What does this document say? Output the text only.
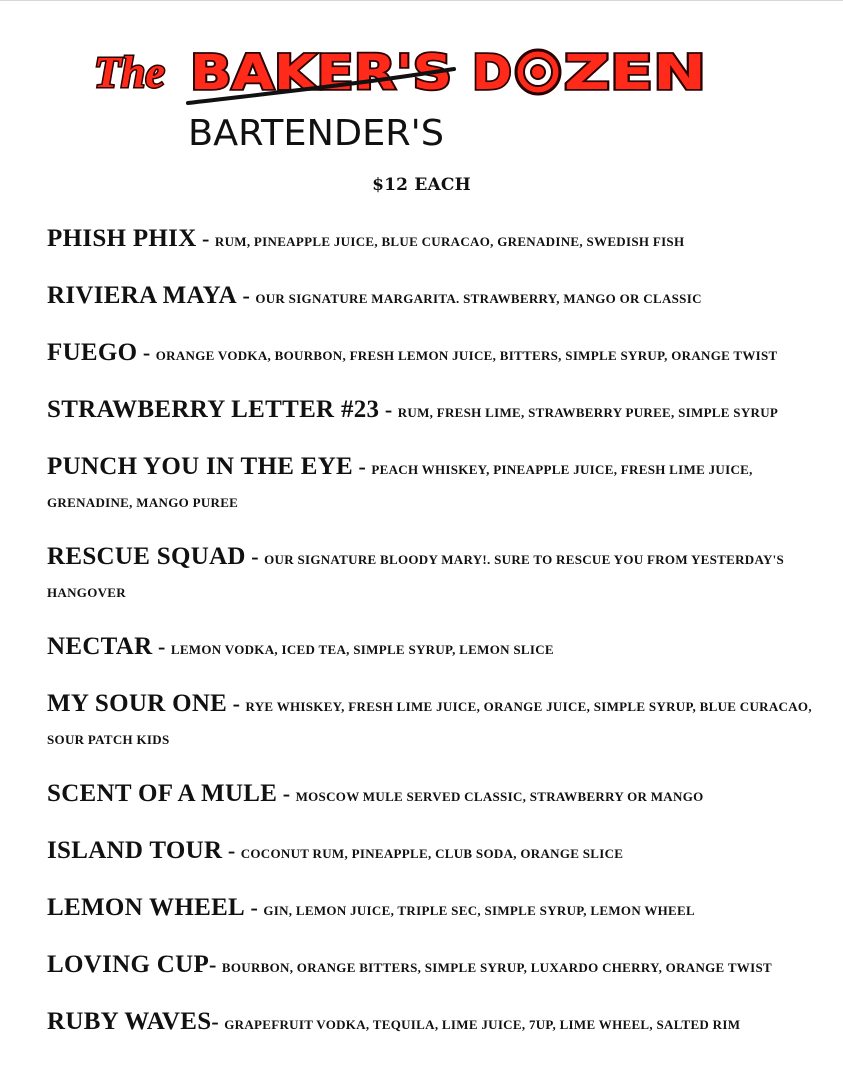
The BAKER'S D ZEN
BARTENDER'S
$12 EACH
PHISH PHIX - RUM, PINEAPPLE JUICE, BLUE CURACAO, GRENADINE, SWEDISH FISH
RIVIERA MAYA - OUR SIGNATURE MARGARITA. STRAWBERRY, MANGO OR CLASSIC
FUEGO - ORANGE VODKA, BOURBON, FRESH LEMON JUICE, BITTERS, SIMPLE SYRUP, ORANGE TWIST
STRAWBERRY LETTER #23 - RUM, FRESH LIME, STRAWBERRY PUREE, SIMPLE SYRUP
PUNCH YOU IN THE EYE - PEACH WHISKEY, PINEAPPLE JUICE, FRESH LIME JUICE, GRENADINE, MANGO PUREE
RESCUE SQUAD - OUR SIGNATURE BLOODY MARY!. SURE TO RESCUE YOU FROM YESTERDAY'S HANGOVER
NECTAR - LEMON VODKA, ICED TEA, SIMPLE SYRUP, LEMON SLICE
MY SOUR ONE - RYE WHISKEY, FRESH LIME JUICE, ORANGE JUICE, SIMPLE SYRUP, BLUE CURACAO, SOUR PATCH KIDS
SCENT OF A MULE - MOSCOW MULE SERVED CLASSIC, STRAWBERRY OR MANGO
ISLAND TOUR - COCONUT RUM, PINEAPPLE, CLUB SODA, ORANGE SLICE
LEMON WHEEL - GIN, LEMON JUICE, TRIPLE SEC, SIMPLE SYRUP, LEMON WHEEL
LOVING CUP- BOURBON, ORANGE BITTERS, SIMPLE SYRUP, LUXARDO CHERRY, ORANGE TWIST
RUBY WAVES- GRAPEFRUIT VODKA, TEQUILA, LIME JUICE, 7UP, LIME WHEEL, SALTED RIM
